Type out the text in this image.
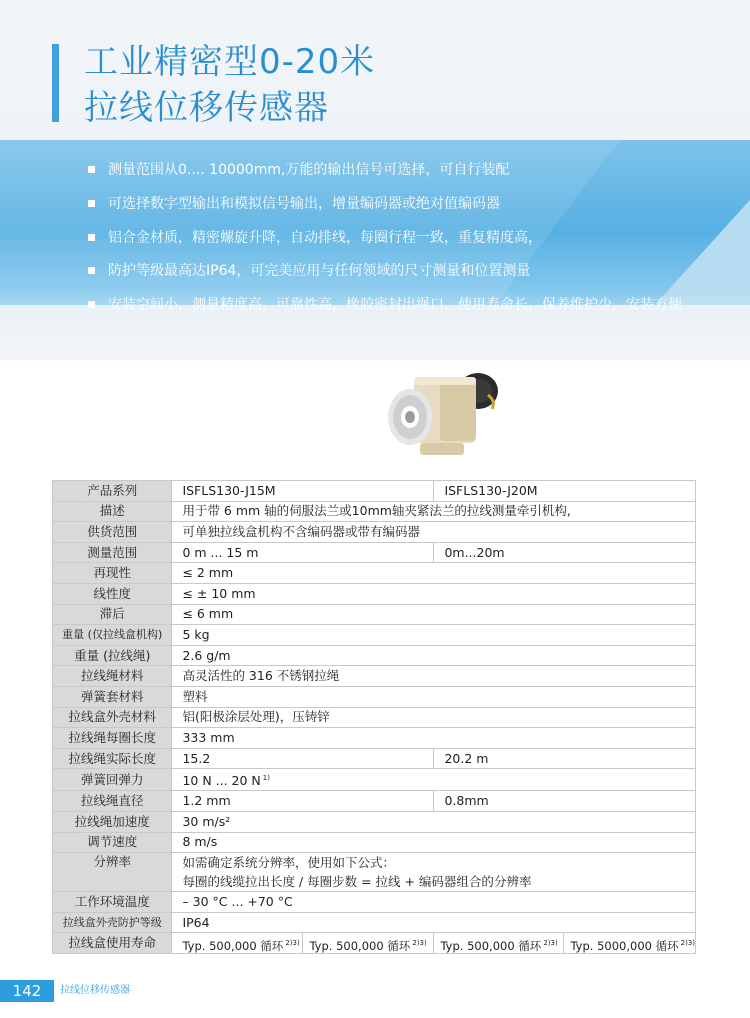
工业精密型0-20米
拉线位移传感器
测量范围从0.... 10000mm,万能的输出信号可选择，可自行装配
可选择数字型输出和模拟信号输出，增量编码器或绝对值编码器
铝合金材质，精密螺旋升降，自动排线，每圈行程一致，重复精度高，
防护等级最高达IP64，可完美应用与任何领域的尺寸测量和位置测量
安装空间小，测量精度高，可靠性高，橡胶密封出绳口，使用寿命长，保养维护少，安装方便
产品系列	ISFLS130-J15M	ISFLS130-J20M
描述	用于带 6 mm 轴的伺服法兰或10mm轴夹紧法兰的拉线测量牵引机构,	
供货范围	可单独拉线盒机构不含编码器或带有编码器	
测量范围	0 m ... 15 m	0m...20m
再现性	≤ 2 mm	
线性度	≤ ± 10 mm	
滞后	≤ 6 mm	
重量 (仅拉线盒机构)	5 kg	
重量 (拉线绳)	2.6 g/m	
拉线绳材料	高灵活性的 316 不锈钢拉绳	
弹簧套材料	塑料	
拉线盒外壳材料	铝(阳极涂层处理)，压铸锌	
拉线绳每圈长度	333 mm	
拉线绳实际长度	15.2	20.2 m
弹簧回弹力	10 N ... 20 N $^{1)}$
拉线绳直径	1.2 mm	0.8mm
拉线绳加速度	30 m/s²	
调节速度	8 m/s	
分辨率	如需确定系统分辨率，使用如下公式：
每圈的线缆拉出长度 / 每圈步数 = 拉线 + 编码器组合的分辨率	

工作环境温度	– 30 °C ... +70 °C	
拉线盒外壳防护等级	IP64	
拉线盒使用寿命	Typ. 500,000 循环 $^{2)3)}$ Typ. 500,000 循环 $^{2)3)}$ Typ. 500,000 循环 $^{2)3)}$ Typ. 5000,000 循环 $^{2)3)}$
142	拉线位移传感器
